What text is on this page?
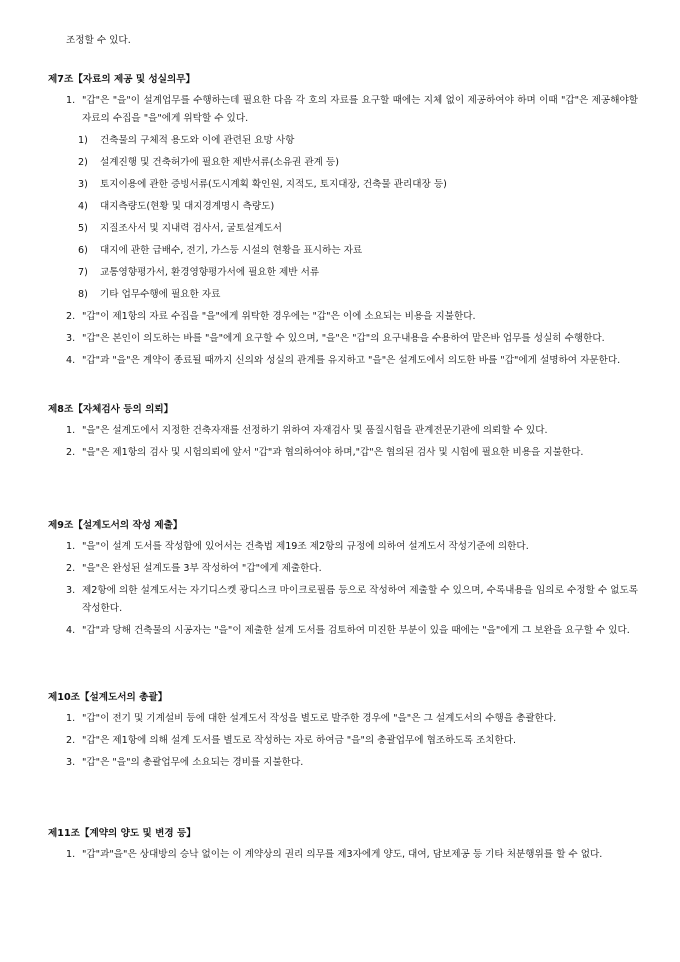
조정할 수 있다.
제7조【자료의 제공 및 성실의무】
1. "갑"은 "을"이 설계업무를 수행하는데 필요한 다음 각 호의 자료를 요구할 때에는 지체 없이 제공하여야 하며 이때 "갑"은 제공해야할 자료의 수집을 "을"에게 위탁할 수 있다.
1) 건축물의 구체적 용도와 이에 관련된 요망 사항
2) 설계진행 및 건축허가에 필요한 제반서류(소유권 관계 등)
3) 토지이용에 관한 증빙서류(도시계획 확인원, 지적도, 토지대장, 건축물 관리대장 등)
4) 대지측량도(현황 및 대지경계명시 측량도)
5) 지질조사서 및 지내력 검사서, 굴토설계도서
6) 대지에 관한 급배수, 전기, 가스등 시설의 현황을 표시하는 자료
7) 교통영향평가서, 환경영향평가서에 필요한 제반 서류
8) 기타 업무수행에 필요한 자료
2. "갑"이 제1항의 자료 수집을 "을"에게 위탁한 경우에는 "갑"은 이에 소요되는 비용을 지불한다.
3. "갑"은 본인이 의도하는 바를 "을"에게 요구할 수 있으며, "을"은 "갑"의 요구내용을 수용하여 맡은바 업무를 성실히 수행한다.
4. "갑"과 "을"은 계약이 종료될 때까지 신의와 성실의 관계를 유지하고 "을"은 설계도에서 의도한 바를 "갑"에게 설명하여 자문한다.
제8조【자체검사 등의 의뢰】
1. "을"은 설계도에서 지정한 건축자재를 선정하기 위하여 자재검사 및 품질시험을 관계전문기관에 의뢰할 수 있다.
2. "을"은 제1항의 검사 및 시험의뢰에 앞서 "갑"과 협의하여야 하며,"갑"은 협의된 검사 및 시험에 필요한 비용을 지불한다.
제9조【설계도서의 작성 제출】
1. "을"이 설계 도서를 작성함에 있어서는 건축법 제19조 제2항의 규정에 의하여 설계도서 작성기준에 의한다.
2. "을"은 완성된 설계도를 3부 작성하여 "갑"에게 제출한다.
3. 제2항에 의한 설계도서는 자기디스켓 광디스크 마이크로필름 등으로 작성하여 제출할 수 있으며, 수록내용을 임의로 수정할 수 없도록 작성한다.
4. "갑"과 당해 건축물의 시공자는 "을"이 제출한 설계 도서를 검토하여 미진한 부분이 있을 때에는 "을"에게 그 보완을 요구할 수 있다.
제10조【설계도서의 총괄】
1. "갑"이 전기 및 기계설비 등에 대한 설계도서 작성을 별도로 발주한 경우에 "을"은 그 설계도서의 수행을 총괄한다.
2. "갑"은 제1항에 의해 설계 도서를 별도로 작성하는 자로 하여금 "을"의 총괄업무에 협조하도록 조치한다.
3. "갑"은 "을"의 총괄업무에 소요되는 경비를 지불한다.
제11조【계약의 양도 및 변경 등】
1. "갑"과"을"은 상대방의 승낙 없이는 이 계약상의 권리 의무를 제3자에게 양도, 대여, 담보제공 등 기타 처분행위를 할 수 없다.
